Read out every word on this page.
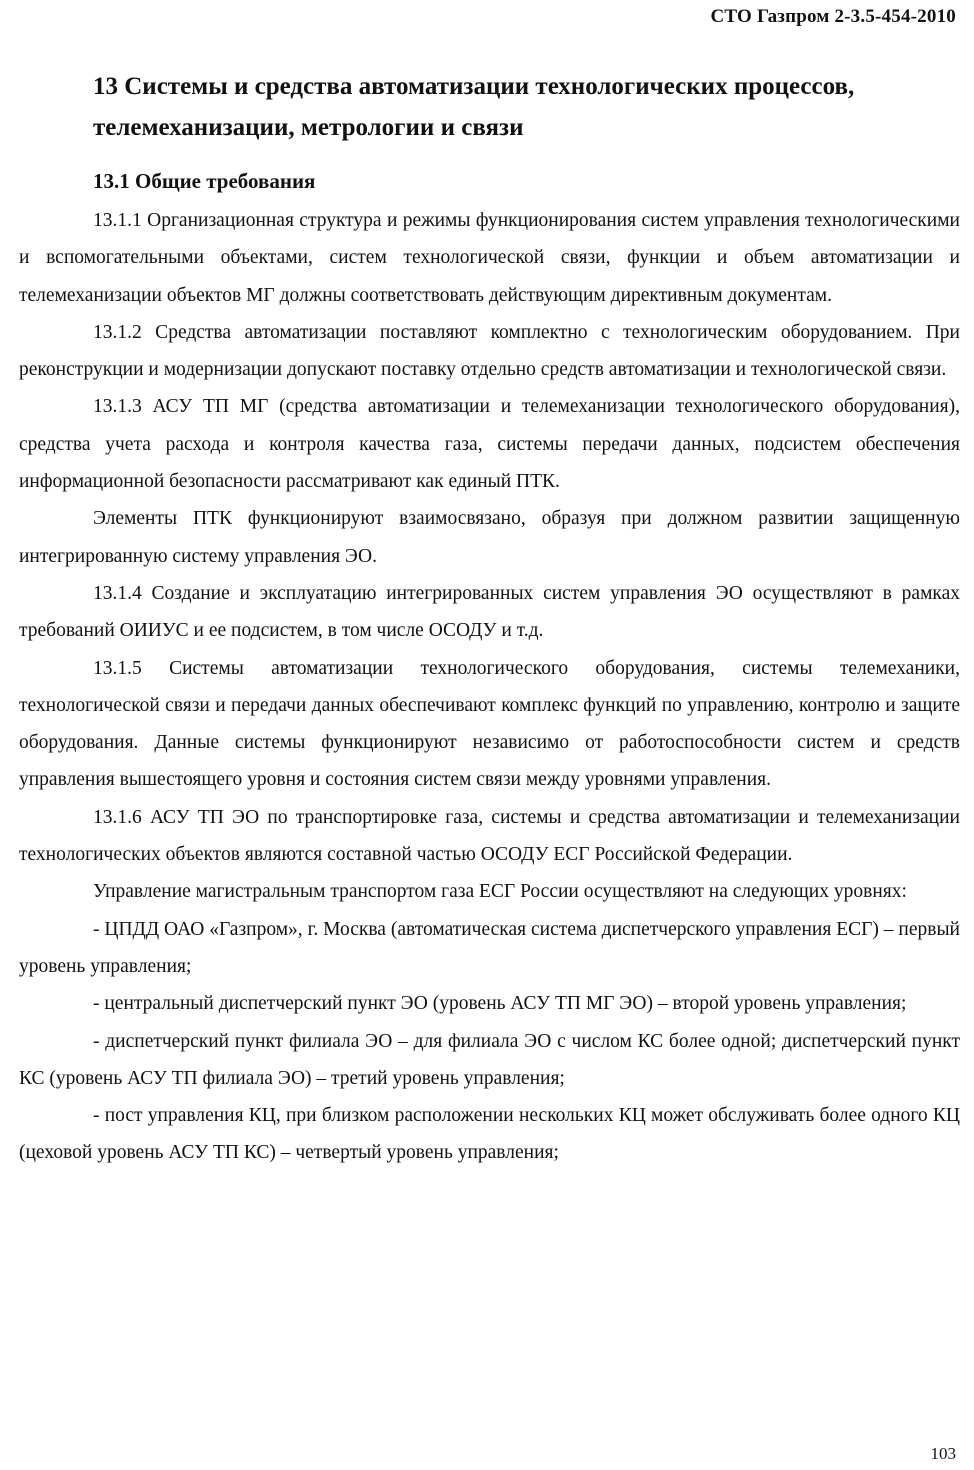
СТО Газпром 2-3.5-454-2010
13 Системы и средства автоматизации технологических процессов, телемеханизации, метрологии и связи
13.1 Общие требования

13.1.1 Организационная структура и режимы функционирования систем управления технологическими и вспомогательными объектами, систем технологической связи, функции и объем автоматизации и телемеханизации объектов МГ должны соответствовать действующим директивным документам.

13.1.2 Средства автоматизации поставляют комплектно с технологическим оборудованием. При реконструкции и модернизации допускают поставку отдельно средств автоматизации и технологической связи.

13.1.3 АСУ ТП МГ (средства автоматизации и телемеханизации технологического оборудования), средства учета расхода и контроля качества газа, системы передачи данных, подсистем обеспечения информационной безопасности рассматривают как единый ПТК.

Элементы ПТК функционируют взаимосвязано, образуя при должном развитии защищенную интегрированную систему управления ЭО.

13.1.4 Создание и эксплуатацию интегрированных систем управления ЭО осуществляют в рамках требований ОИИУС и ее подсистем, в том числе ОСОДУ и т.д.

13.1.5 Системы автоматизации технологического оборудования, системы телемеханики, технологической связи и передачи данных обеспечивают комплекс функций по управлению, контролю и защите оборудования. Данные системы функционируют независимо от работоспособности систем и средств управления вышестоящего уровня и состояния систем связи между уровнями управления.

13.1.6 АСУ ТП ЭО по транспортировке газа, системы и средства автоматизации и телемеханизации технологических объектов являются составной частью ОСОДУ ЕСГ Российской Федерации.

Управление магистральным транспортом газа ЕСГ России осуществляют на следующих уровнях:

- ЦПДД ОАО «Газпром», г. Москва (автоматическая система диспетчерского управления ЕСГ) – первый уровень управления;

- центральный диспетчерский пункт ЭО (уровень АСУ ТП МГ ЭО) – второй уровень управления;

- диспетчерский пункт филиала ЭО – для филиала ЭО с числом КС более одной; диспетчерский пункт КС (уровень АСУ ТП филиала ЭО) – третий уровень управления;

- пост управления КЦ, при близком расположении нескольких КЦ может обслуживать более одного КЦ (цеховой уровень АСУ ТП КС) – четвертый уровень управления;

103
